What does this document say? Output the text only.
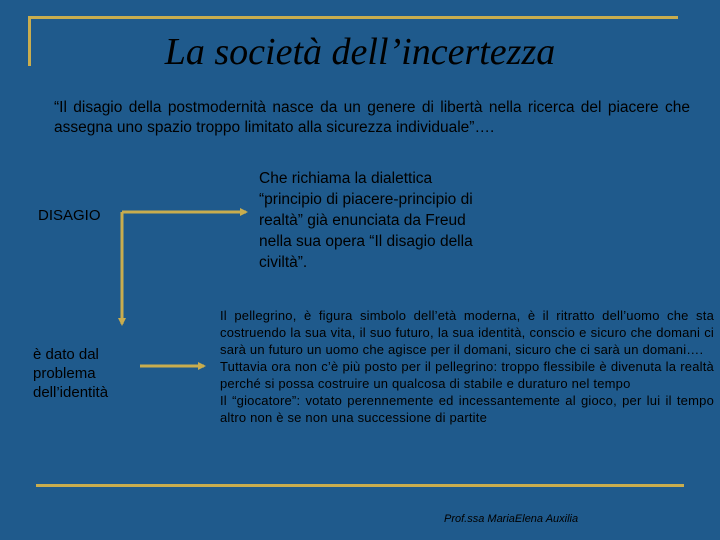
La società dell’incertezza
“Il disagio della postmodernità nasce da un genere di libertà nella ricerca del piacere che assegna uno spazio troppo limitato alla sicurezza individuale”….
DISAGIO
Che richiama la dialettica “principio di piacere-principio di realtà” già enunciata da Freud nella sua opera “Il disagio della civiltà”.
è dato dal problema dell’identità

Il pellegrino, è figura simbolo dell’età moderna, è il ritratto dell’uomo che sta costruendo la sua vita, il suo futuro, la sua identità, conscio e sicuro che domani ci sarà un futuro un uomo che agisce per il domani, sicuro che ci sarà un domani….

Tuttavia ora non c’è più posto per il pellegrino: troppo flessibile è divenuta la realtà perché si possa costruire un qualcosa di stabile e duraturo nel tempo

Il “giocatore”: votato perennemente ed incessantemente al gioco, per lui il tempo altro non è se non una successione di partite

Prof.ssa MariaElena Auxilia
